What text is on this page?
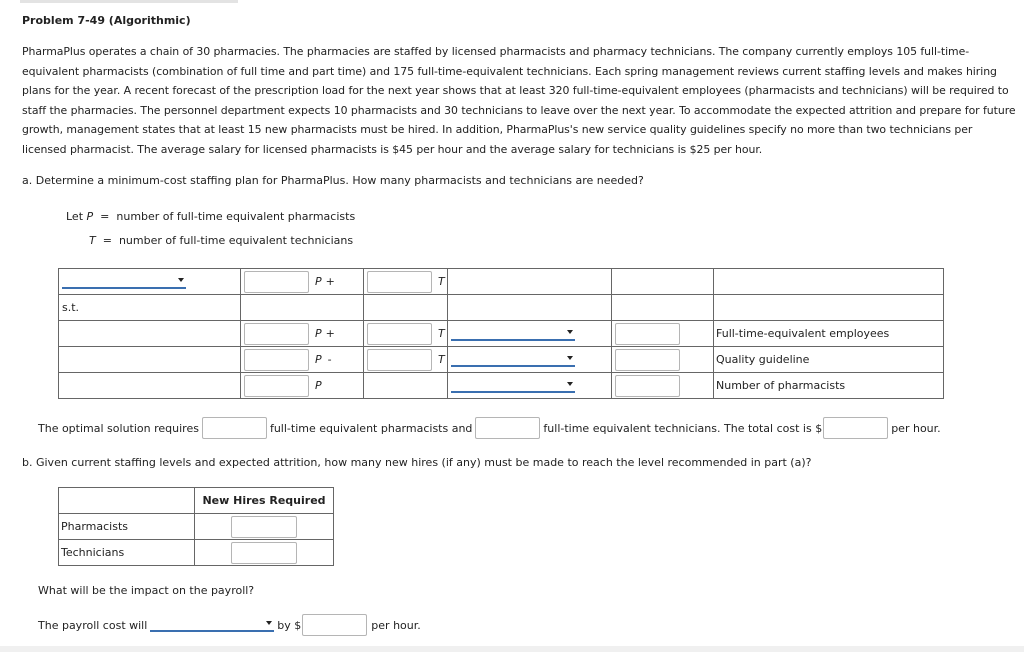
Problem 7-49 (Algorithmic)
PharmaPlus operates a chain of 30 pharmacies. The pharmacies are staffed by licensed pharmacists and pharmacy technicians. The company currently employs 105 full-time-equivalent pharmacists (combination of full time and part time) and 175 full-time-equivalent technicians. Each spring management reviews current staffing levels and makes hiring plans for the year. A recent forecast of the prescription load for the next year shows that at least 320 full-time-equivalent employees (pharmacists and technicians) will be required to staff the pharmacies. The personnel department expects 10 pharmacists and 30 technicians to leave over the next year. To accommodate the expected attrition and prepare for future growth, management states that at least 15 new pharmacists must be hired. In addition, PharmaPlus's new service quality guidelines specify no more than two technicians per licensed pharmacist. The average salary for licensed pharmacists is $45 per hour and the average salary for technicians is $25 per hour.
a. Determine a minimum-cost staffing plan for PharmaPlus. How many pharmacists and technicians are needed?
Let P = number of full-time equivalent pharmacists
T = number of full-time equivalent technicians

	P +	T			

s.t.					

	P +	T			Full-time-equivalent employees

	P -	T			Quality guideline

	P				Number of pharmacists
The optimal solution requires	full-time equivalent pharmacists and	full-time equivalent technicians. The total cost is $	per hour.
b. Given current staffing levels and expected attrition, how many new hires (if any) must be made to reach the level recommended in part (a)?
	New Hires Required
Pharmacists	
Technicians	
What will be the impact on the payroll?
The payroll cost will	by $	per hour.
